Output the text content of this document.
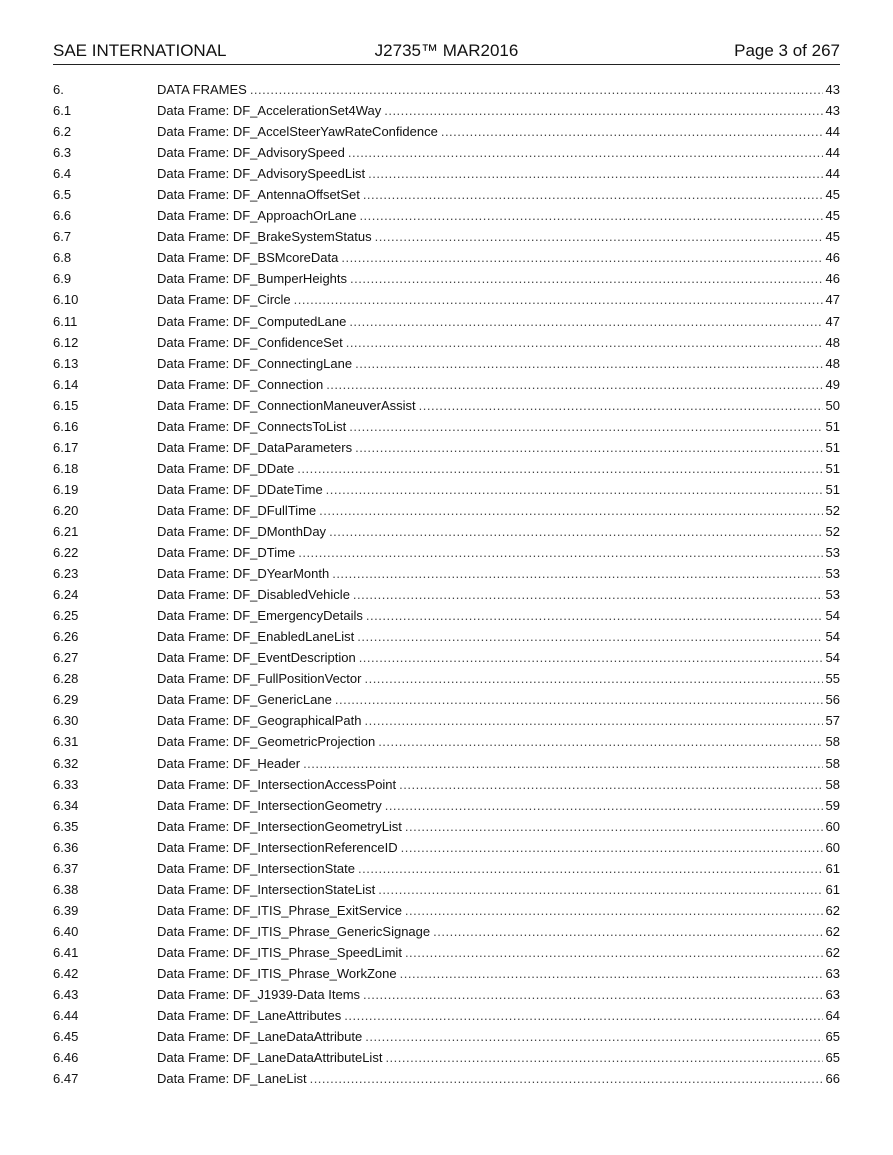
SAE INTERNATIONAL	J2735™ MAR2016	Page 3 of 267
6.	DATA FRAMES .....	43
6.1	Data Frame: DF_AccelerationSet4Way .....	43
6.2	Data Frame: DF_AccelSteerYawRateConfidence .....	44
6.3	Data Frame: DF_AdvisorySpeed .....	44
6.4	Data Frame: DF_AdvisorySpeedList .....	44
6.5	Data Frame: DF_AntennaOffsetSet .....	45
6.6	Data Frame: DF_ApproachOrLane .....	45
6.7	Data Frame: DF_BrakeSystemStatus .....	45
6.8	Data Frame: DF_BSMcoreData .....	46
6.9	Data Frame: DF_BumperHeights .....	46
6.10	Data Frame: DF_Circle .....	47
6.11	Data Frame: DF_ComputedLane .....	47
6.12	Data Frame: DF_ConfidenceSet .....	48
6.13	Data Frame: DF_ConnectingLane .....	48
6.14	Data Frame: DF_Connection .....	49
6.15	Data Frame: DF_ConnectionManeuverAssist .....	50
6.16	Data Frame: DF_ConnectsToList .....	51
6.17	Data Frame: DF_DataParameters .....	51
6.18	Data Frame: DF_DDate .....	51
6.19	Data Frame: DF_DDateTime .....	51
6.20	Data Frame: DF_DFullTime .....	52
6.21	Data Frame: DF_DMonthDay .....	52
6.22	Data Frame: DF_DTime .....	53
6.23	Data Frame: DF_DYearMonth .....	53
6.24	Data Frame: DF_DisabledVehicle .....	53
6.25	Data Frame: DF_EmergencyDetails .....	54
6.26	Data Frame: DF_EnabledLaneList .....	54
6.27	Data Frame: DF_EventDescription .....	54
6.28	Data Frame: DF_FullPositionVector .....	55
6.29	Data Frame: DF_GenericLane .....	56
6.30	Data Frame: DF_GeographicalPath .....	57
6.31	Data Frame: DF_GeometricProjection .....	58
6.32	Data Frame: DF_Header .....	58
6.33	Data Frame: DF_IntersectionAccessPoint .....	58
6.34	Data Frame: DF_IntersectionGeometry .....	59
6.35	Data Frame: DF_IntersectionGeometryList .....	60
6.36	Data Frame: DF_IntersectionReferenceID .....	60
6.37	Data Frame: DF_IntersectionState .....	61
6.38	Data Frame: DF_IntersectionStateList .....	61
6.39	Data Frame: DF_ITIS_Phrase_ExitService .....	62
6.40	Data Frame: DF_ITIS_Phrase_GenericSignage .....	62
6.41	Data Frame: DF_ITIS_Phrase_SpeedLimit .....	62
6.42	Data Frame: DF_ITIS_Phrase_WorkZone .....	63
6.43	Data Frame: DF_J1939-Data Items .....	63
6.44	Data Frame: DF_LaneAttributes .....	64
6.45	Data Frame: DF_LaneDataAttribute .....	65
6.46	Data Frame: DF_LaneDataAttributeList .....	65
6.47	Data Frame: DF_LaneList .....	66
